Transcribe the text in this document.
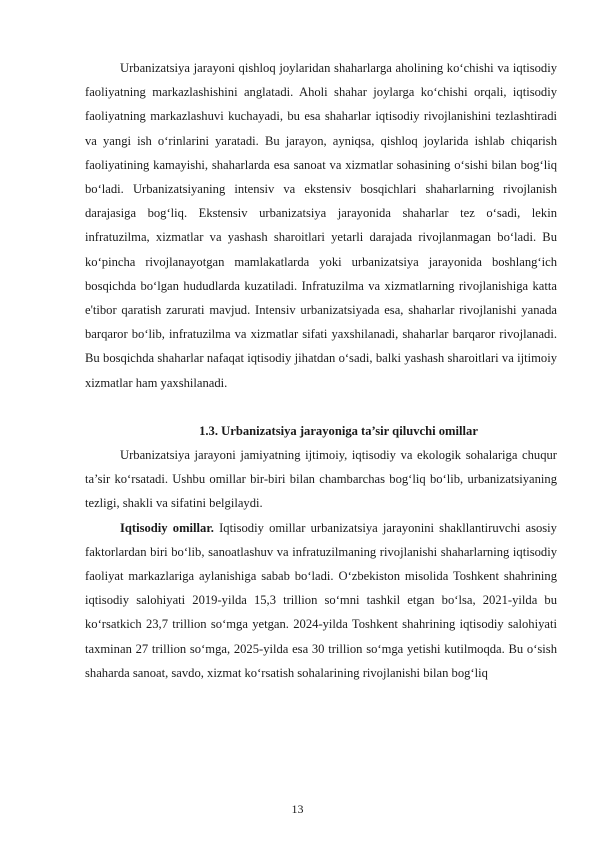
Urbanizatsiya jarayoni qishloq joylaridan shaharlarga aholining ko‘chishi va iqtisodiy faoliyatning markazlashishini anglatadi. Aholi shahar joylarga ko‘chishi orqali, iqtisodiy faoliyatning markazlashuvi kuchayadi, bu esa shaharlar iqtisodiy rivojlanishini tezlashtiradi va yangi ish o‘rinlarini yaratadi. Bu jarayon, ayniqsa, qishloq joylarida ishlab chiqarish faoliyatining kamayishi, shaharlarda esa sanoat va xizmatlar sohasining o‘sishi bilan bog‘liq bo‘ladi. Urbanizatsiyaning intensiv va ekstensiv bosqichlari shaharlarning rivojlanish darajasiga bog‘liq. Ekstensiv urbanizatsiya jarayonida shaharlar tez o‘sadi, lekin infratuzilma, xizmatlar va yashash sharoitlari yetarli darajada rivojlanmagan bo‘ladi. Bu ko‘pincha rivojlanayotgan mamlakatlarda yoki urbanizatsiya jarayonida boshlang‘ich bosqichda bo‘lgan hududlarda kuzatiladi. Infratuzilma va xizmatlarning rivojlanishiga katta e'tibor qaratish zarurati mavjud. Intensiv urbanizatsiyada esa, shaharlar rivojlanishi yanada barqaror bo‘lib, infratuzilma va xizmatlar sifati yaxshilanadi, shaharlar barqaror rivojlanadi. Bu bosqichda shaharlar nafaqat iqtisodiy jihatdan o‘sadi, balki yashash sharoitlari va ijtimoiy xizmatlar ham yaxshilanadi.

1.3. Urbanizatsiya jarayoniga ta’sir qiluvchi omillar

Urbanizatsiya jarayoni jamiyatning ijtimoiy, iqtisodiy va ekologik sohalariga chuqur ta’sir ko‘rsatadi. Ushbu omillar bir-biri bilan chambarchas bog‘liq bo‘lib, urbanizatsiyaning tezligi, shakli va sifatini belgilaydi.

Iqtisodiy omillar. Iqtisodiy omillar urbanizatsiya jarayonini shakllantiruvchi asosiy faktorlardan biri bo‘lib, sanoatlashuv va infratuzilmaning rivojlanishi shaharlarning iqtisodiy faoliyat markazlariga aylanishiga sabab bo‘ladi. O‘zbekiston misolida Toshkent shahrining iqtisodiy salohiyati 2019-yilda 15,3 trillion so‘mni tashkil etgan bo‘lsa, 2021-yilda bu ko‘rsatkich 23,7 trillion so‘mga yetgan. 2024-yilda Toshkent shahrining iqtisodiy salohiyati taxminan 27 trillion so‘mga, 2025-yilda esa 30 trillion so‘mga yetishi kutilmoqda. Bu o‘sish shaharda sanoat, savdo, xizmat ko‘rsatish sohalarining rivojlanishi bilan bog‘liq

13
